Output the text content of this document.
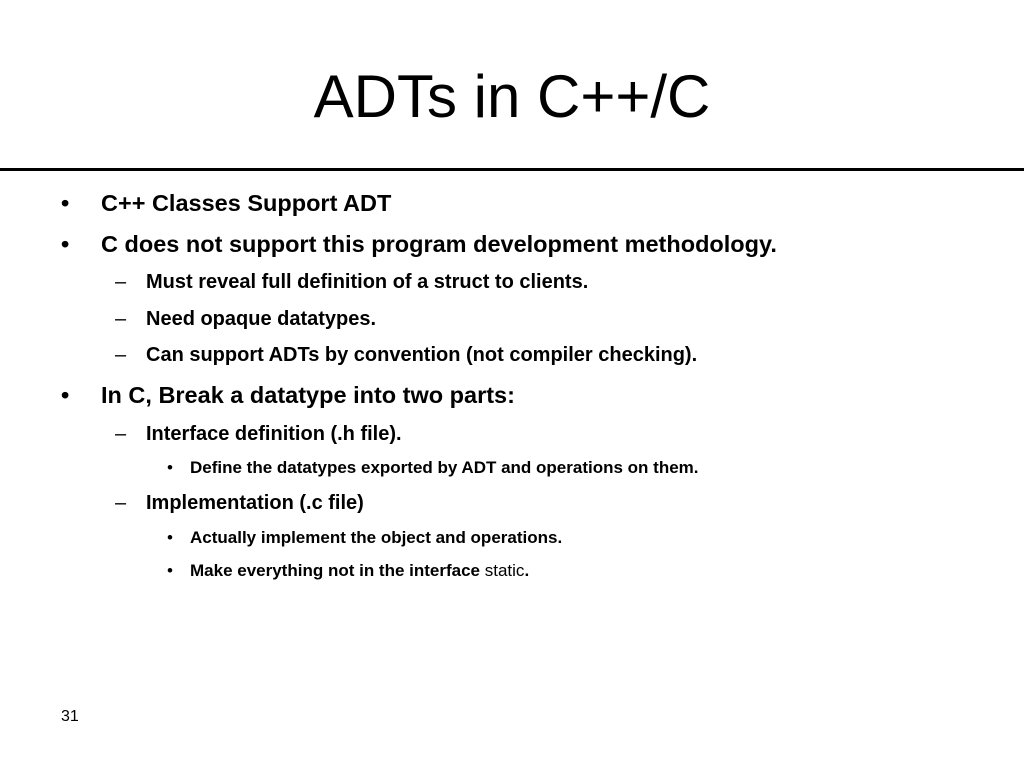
ADTs in C++/C
• C++ Classes Support ADT
• C does not support this program development methodology.
– Must reveal full definition of a struct to clients.
– Need opaque datatypes.
– Can support ADTs by convention (not compiler checking).
• In C, Break a datatype into two parts:
– Interface definition (.h file).
• Define the datatypes exported by ADT and operations on them.
– Implementation (.c file)
• Actually implement the object and operations.
• Make everything not in the interface static.
31
